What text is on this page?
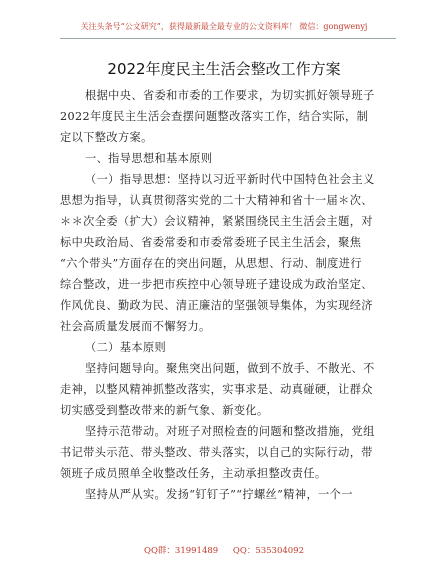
关注头条号“公文研究”，获得最新最全最专业的公文资料库！ 微信：gongwenyj
2022年度民主生活会整改工作方案
根据中央、省委和市委的工作要求，为切实抓好领导班子
2022年度民主生活会查摆问题整改落实工作，结合实际，制
定以下整改方案。
一、指导思想和基本原则
（一）指导思想：坚持以习近平新时代中国特色社会主义
思想为指导，认真贯彻落实党的二十大精神和省十一届＊次、
＊＊次全委（扩大）会议精神，紧紧围绕民主生活会主题，对
标中央政治局、省委常委和市委常委班子民主生活会，聚焦
“六个带头”方面存在的突出问题，从思想、行动、制度进行
综合整改，进一步把市疾控中心领导班子建设成为政治坚定、
作风优良、勤政为民、清正廉洁的坚强领导集体，为实现经济
社会高质量发展而不懈努力。
（二）基本原则
坚持问题导向。聚焦突出问题，做到不放手、不散光、不
走神，以整风精神抓整改落实，实事求是、动真碰硬，让群众
切实感受到整改带来的新气象、新变化。
坚持示范带动。对班子对照检查的问题和整改措施，党组
书记带头示范、带头整改、带头落实，以自己的实际行动，带
领班子成员照单全收整改任务，主动承担整改责任。
坚持从严从实。发扬“钉钉子”“拧螺丝”精神，一个一
QQ群：31991489 QQ：535304092
